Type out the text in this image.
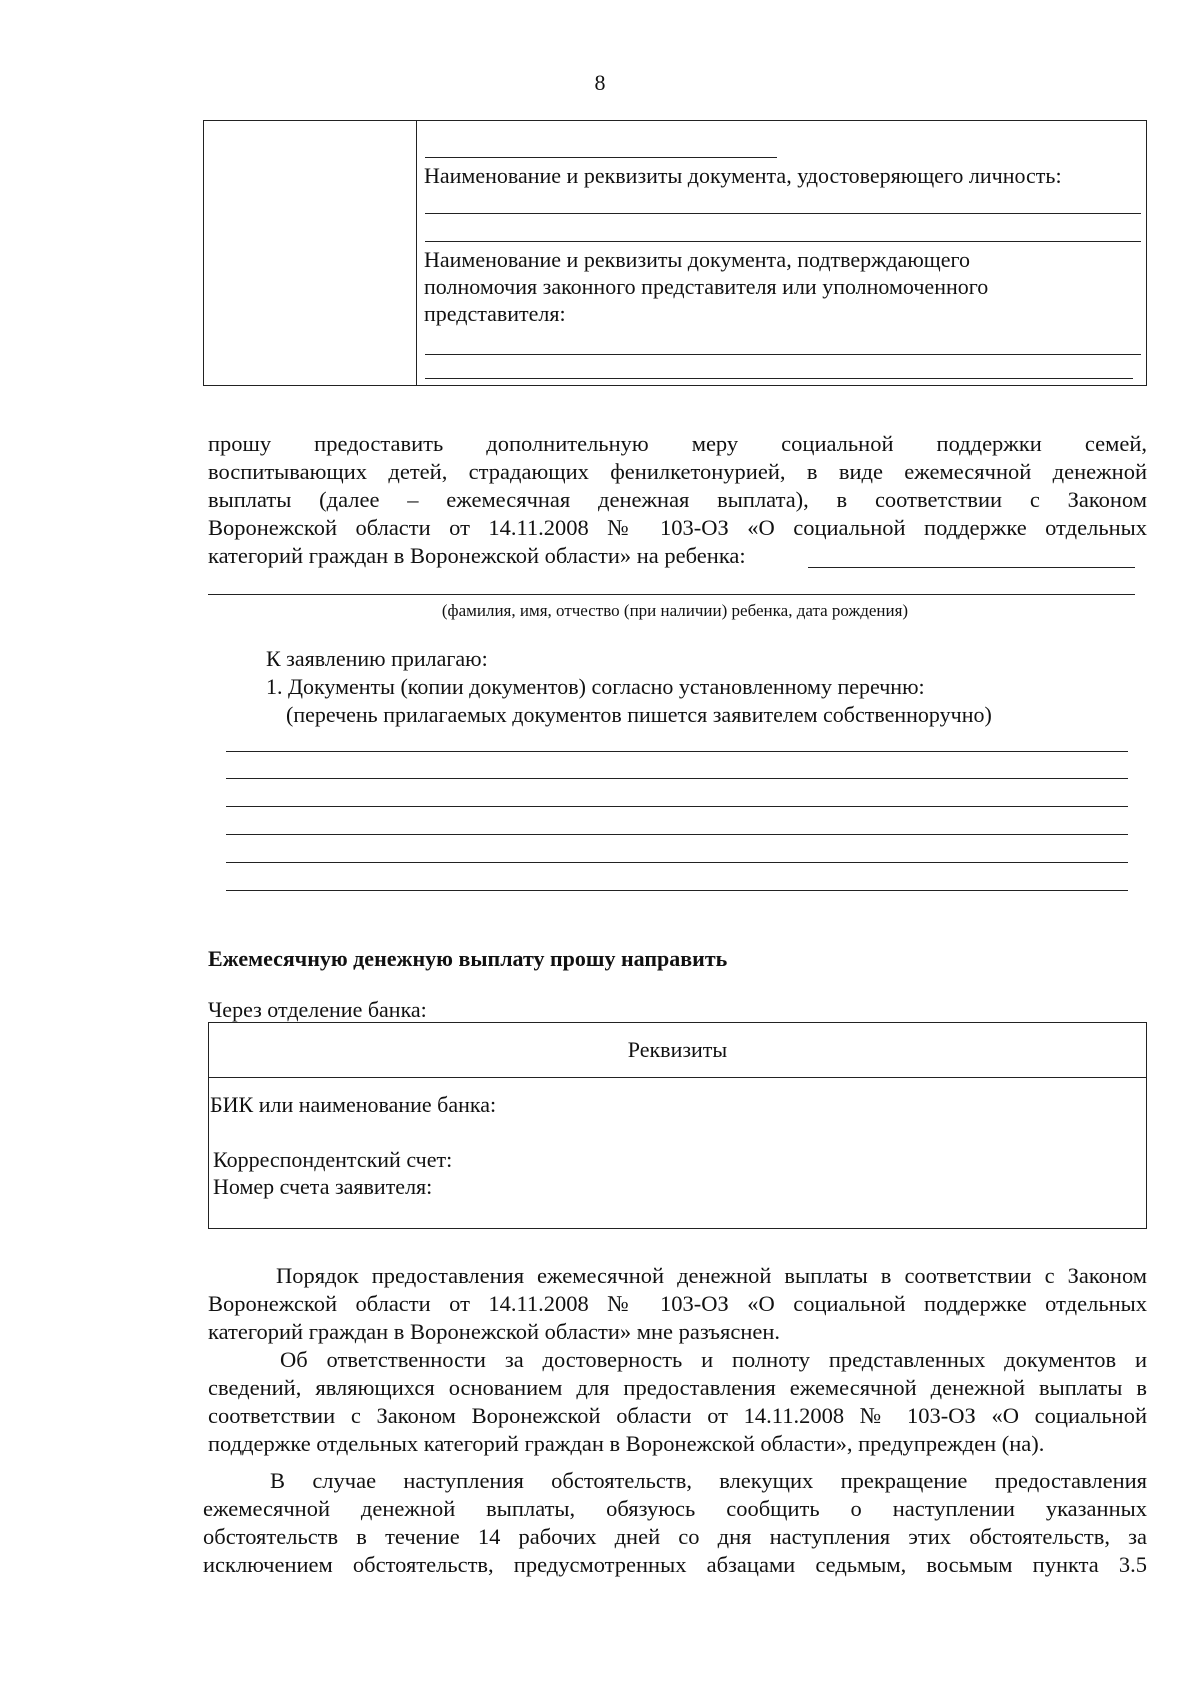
8
Наименование и реквизиты документа, удостоверяющего личность:
Наименование и реквизиты документа, подтверждающего
полномочия законного представителя или уполномоченного
представителя:
прошу предоставить дополнительную меру социальной поддержки семей,
воспитывающих детей, страдающих фенилкетонурией, в виде ежемесячной денежной
выплаты (далее – ежемесячная денежная выплата), в соответствии с Законом
Воронежской области от 14.11.2008 № 103-ОЗ «О социальной поддержке отдельных
категорий граждан в Воронежской области» на ребенка:
(фамилия, имя, отчество (при наличии) ребенка, дата рождения)
К заявлению прилагаю:
1. Документы (копии документов) согласно установленному перечню:
(перечень прилагаемых документов пишется заявителем собственноручно)
Ежемесячную денежную выплату прошу направить
Через отделение банка:
Реквизиты
БИК или наименование банка:
Корреспондентский счет:
Номер счета заявителя:
Порядок предоставления ежемесячной денежной выплаты в соответствии с Законом
Воронежской области от 14.11.2008 № 103-ОЗ «О социальной поддержке отдельных
категорий граждан в Воронежской области» мне разъяснен.
Об ответственности за достоверность и полноту представленных документов и
сведений, являющихся основанием для предоставления ежемесячной денежной выплаты в
соответствии с Законом Воронежской области от 14.11.2008 № 103-ОЗ «О социальной
поддержке отдельных категорий граждан в Воронежской области», предупрежден (на).
В случае наступления обстоятельств, влекущих прекращение предоставления
ежемесячной денежной выплаты, обязуюсь сообщить о наступлении указанных
обстоятельств в течение 14 рабочих дней со дня наступления этих обстоятельств, за
исключением обстоятельств, предусмотренных абзацами седьмым, восьмым пункта 3.5
